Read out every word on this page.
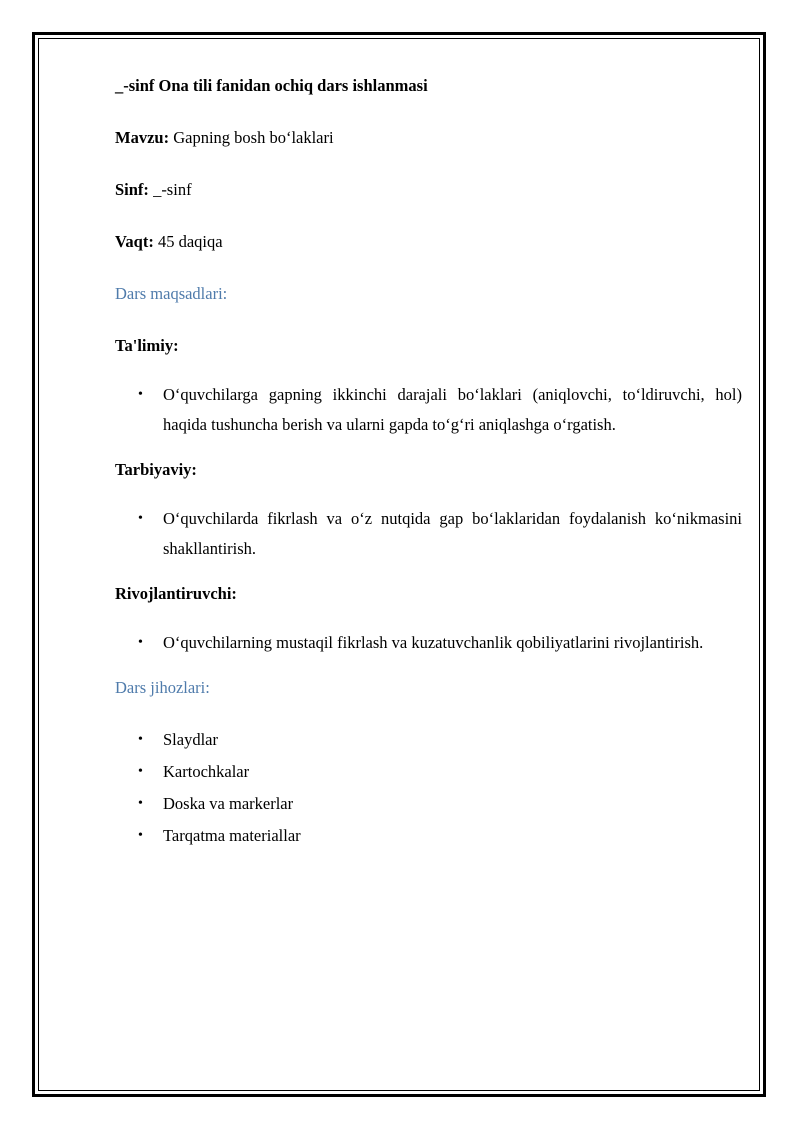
_-sinf Ona tili fanidan ochiq dars ishlanmasi

Mavzu: Gapning bosh bo‘laklari

Sinf: _-sinf

Vaqt: 45 daqiqa

Dars maqsadlari:

Ta'limiy:

• O‘quvchilarga gapning ikkinchi darajali bo‘laklari (aniqlovchi, to‘ldiruvchi, hol) haqida tushuncha berish va ularni gapda to‘g‘ri aniqlashga o‘rgatish.

Tarbiyaviy:

• O‘quvchilarda fikrlash va o‘z nutqida gap bo‘laklaridan foydalanish ko‘nikmasini shakllantirish.

Rivojlantiruvchi:

• O‘quvchilarning mustaqil fikrlash va kuzatuvchanlik qobiliyatlarini rivojlantirish.

Dars jihozlari:

• Slaydlar
• Kartochkalar
• Doska va markerlar
• Tarqatma materiallar
